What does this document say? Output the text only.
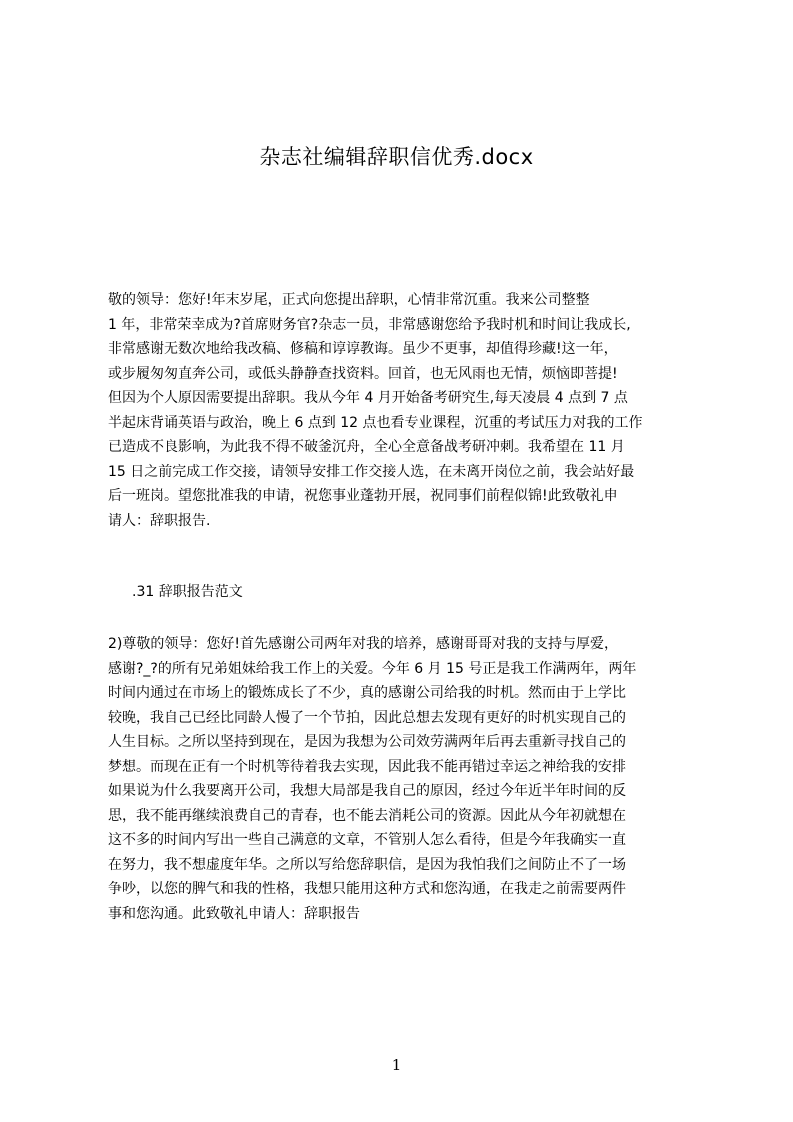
杂志社编辑辞职信优秀.docx
敬的领导：您好!年末岁尾，正式向您提出辞职，心情非常沉重。我来公司整整
1 年，非常荣幸成为?首席财务官?杂志一员，非常感谢您给予我时机和时间让我成长,
非常感谢无数次地给我改稿、修稿和谆谆教诲。虽少不更事，却值得珍藏!这一年，
或步履匆匆直奔公司，或低头静静查找资料。回首，也无风雨也无情，烦恼即菩提!
但因为个人原因需要提出辞职。我从今年 4 月开始备考研究生,每天凌晨 4 点到 7 点
半起床背诵英语与政治，晚上 6 点到 12 点也看专业课程，沉重的考试压力对我的工作
已造成不良影响，为此我不得不破釜沉舟，全心全意备战考研冲刺。我希望在 11 月
15 日之前完成工作交接，请领导安排工作交接人选，在未离开岗位之前，我会站好最
后一班岗。望您批准我的申请，祝您事业蓬勃开展，祝同事们前程似锦!此致敬礼申
请人：辞职报告.
.31 辞职报告范文
2)尊敬的领导：您好!首先感谢公司两年对我的培养，感谢哥哥对我的支持与厚爱，
感谢?_?的所有兄弟姐妹给我工作上的关爱。今年 6 月 15 号正是我工作满两年，两年
时间内通过在市场上的锻炼成长了不少，真的感谢公司给我的时机。然而由于上学比
较晚，我自己已经比同龄人慢了一个节拍，因此总想去发现有更好的时机实现自己的
人生目标。之所以坚持到现在，是因为我想为公司效劳满两年后再去重新寻找自己的
梦想。而现在正有一个时机等待着我去实现，因此我不能再错过幸运之神给我的安排
如果说为什么我要离开公司，我想大局部是我自己的原因，经过今年近半年时间的反
思，我不能再继续浪费自己的青春，也不能去消耗公司的资源。因此从今年初就想在
这不多的时间内写出一些自己满意的文章，不管别人怎么看待，但是今年我确实一直
在努力，我不想虚度年华。之所以写给您辞职信，是因为我怕我们之间防止不了一场
争吵，以您的脾气和我的性格，我想只能用这种方式和您沟通，在我走之前需要两件
事和您沟通。此致敬礼申请人：辞职报告
1
